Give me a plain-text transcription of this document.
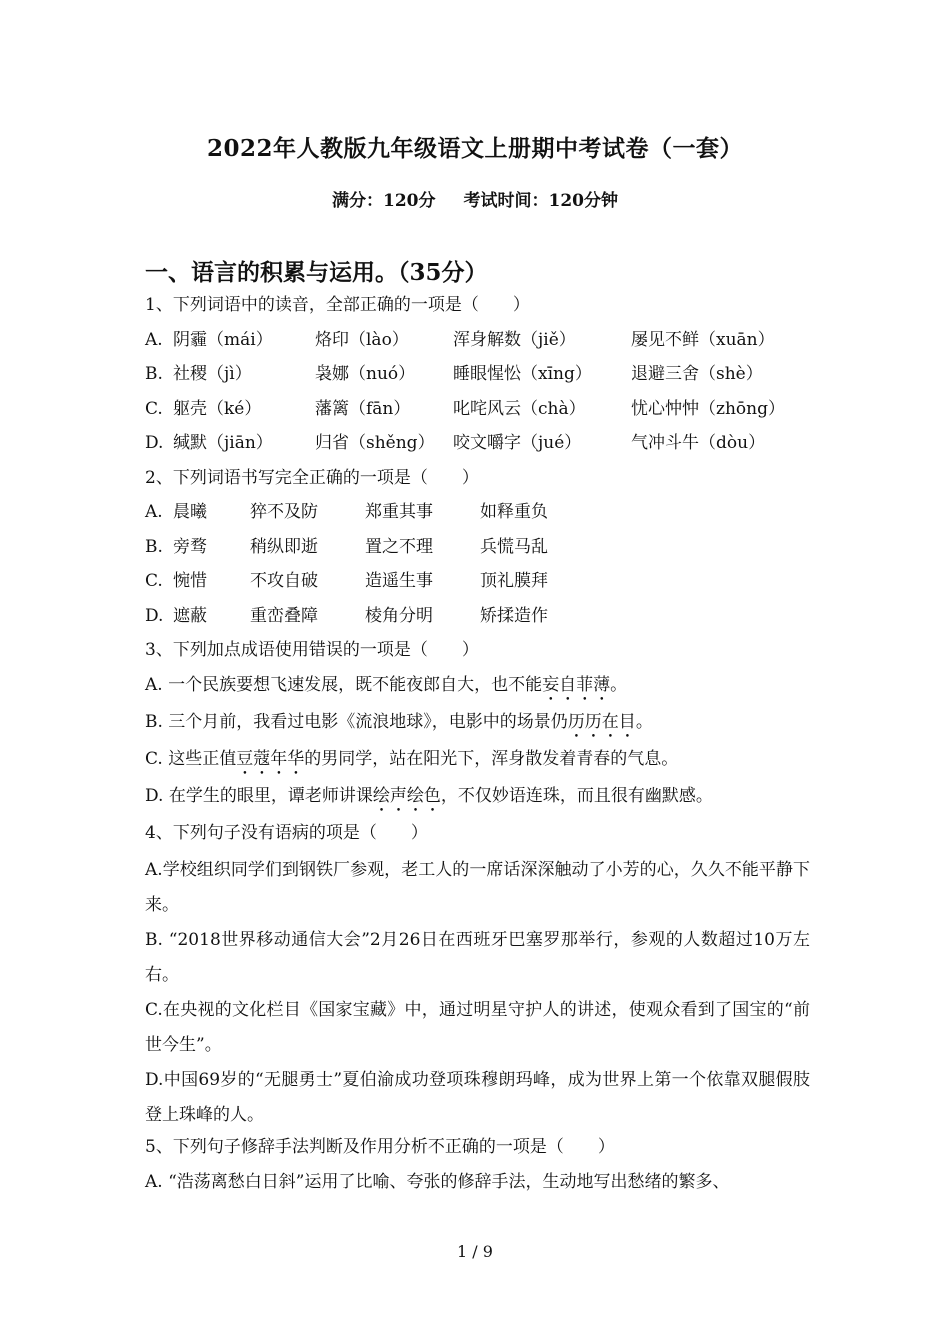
2022年人教版九年级语文上册期中考试卷（一套）
满分：120分 考试时间：120分钟
一、语言的积累与运用。（35分）
1、下列词语中的读音，全部正确的一项是（　　）
A. 阴霾（mái）	烙印（lào）	浑身解数（jiě）	屡见不鲜（xuān）
B. 社稷（jì）	袅娜（nuó）	睡眼惺忪（xīng）	退避三舍（shè）
C. 躯壳（ké）	藩篱（fān）	叱咤风云（chà）	忧心忡忡（zhōng）
D. 缄默（jiān）	归省（shěng）	咬文嚼字（jué）	气冲斗牛（dòu）
2、下列词语书写完全正确的一项是（　　）
A. 晨曦	猝不及防	郑重其事	如释重负
B. 旁骛	稍纵即逝	置之不理	兵慌马乱
C. 惋惜	不攻自破	造遥生事	顶礼膜拜
D. 遮蔽	重峦叠障	棱角分明	矫揉造作
3、下列加点成语使用错误的一项是（　　）
A. 一个民族要想飞速发展，既不能夜郎自大，也不能妄自菲薄。
B. 三个月前，我看过电影《流浪地球》，电影中的场景仍历历在目。
C. 这些正值豆蔻年华的男同学，站在阳光下，浑身散发着青春的气息。
D. 在学生的眼里，谭老师讲课绘声绘色，不仅妙语连珠，而且很有幽默感。
4、下列句子没有语病的项是（　　）
A.学校组织同学们到钢铁厂参观，老工人的一席话深深触动了小芳的心，久久不能平静下来。
B. “2018世界移动通信大会”2月26日在西班牙巴塞罗那举行，参观的人数超过10万左右。
C.在央视的文化栏目《国家宝藏》中，通过明星守护人的讲述，使观众看到了国宝的“前世今生”。
D.中国69岁的“无腿勇士”夏伯渝成功登项珠穆朗玛峰，成为世界上第一个依靠双腿假肢登上珠峰的人。
5、下列句子修辞手法判断及作用分析不正确的一项是（　　）
A. “浩荡离愁白日斜”运用了比喻、夸张的修辞手法，生动地写出愁绪的繁多、
1 / 9
